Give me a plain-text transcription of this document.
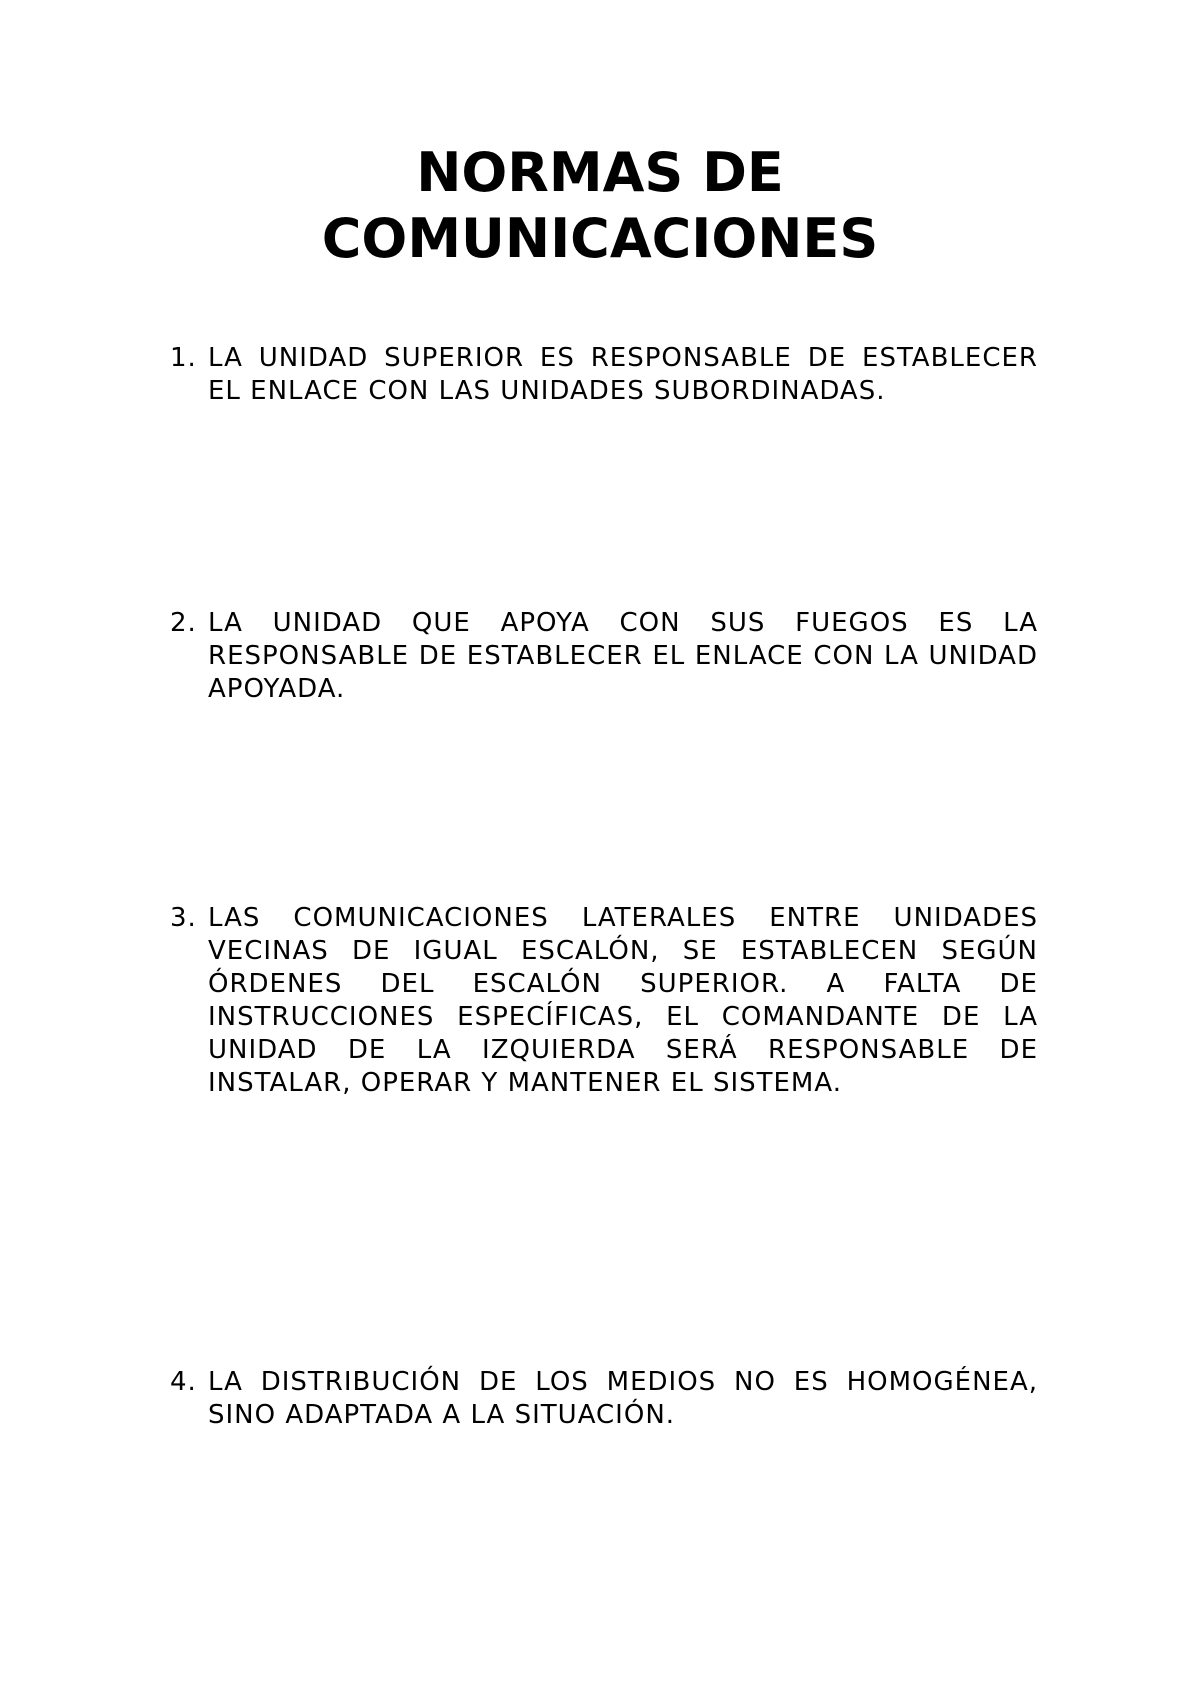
NORMAS DE
COMUNICACIONES
1. LA UNIDAD SUPERIOR ES RESPONSABLE DE ESTABLECER EL ENLACE CON LAS UNIDADES SUBORDINADAS.
2. LA UNIDAD QUE APOYA CON SUS FUEGOS ES LA RESPONSABLE DE ESTABLECER EL ENLACE CON LA UNIDAD APOYADA.
3. LAS COMUNICACIONES LATERALES ENTRE UNIDADES VECINAS DE IGUAL ESCALÓN, SE ESTABLECEN SEGÚN ÓRDENES DEL ESCALÓN SUPERIOR. A FALTA DE INSTRUCCIONES ESPECÍFICAS, EL COMANDANTE DE LA UNIDAD DE LA IZQUIERDA SERÁ RESPONSABLE DE INSTALAR, OPERAR Y MANTENER EL SISTEMA.
4. LA DISTRIBUCIÓN DE LOS MEDIOS NO ES HOMOGÉNEA, SINO ADAPTADA A LA SITUACIÓN.
